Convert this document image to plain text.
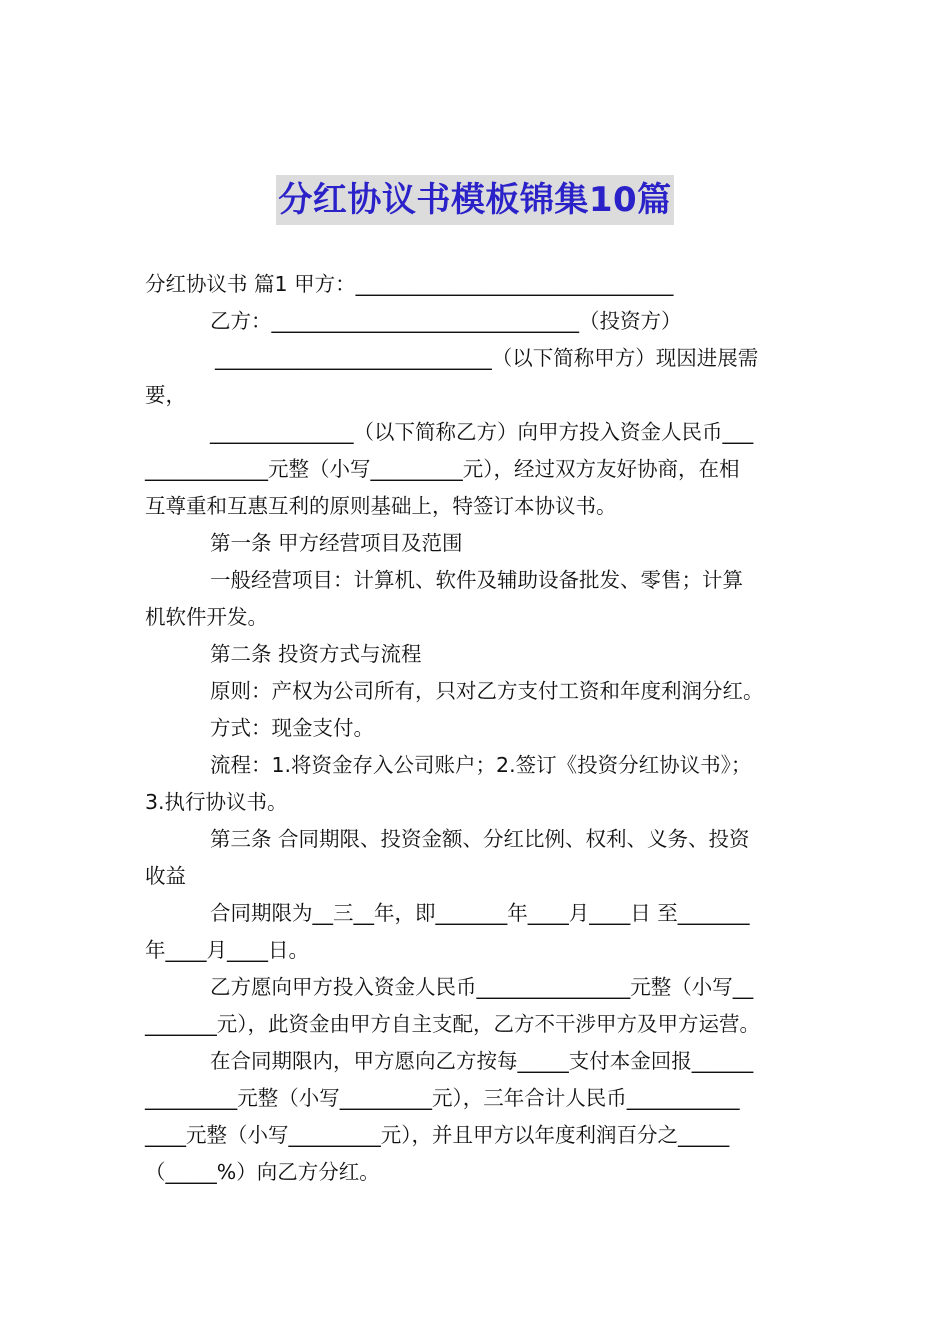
分红协议书模板锦集10篇
分红协议书 篇1 甲方：_______________________________
乙方：______________________________（投资方）
___________________________（以下简称甲方）现因进展需
要，
______________（以下简称乙方）向甲方投入资金人民币___
____________元整（小写_________元），经过双方友好协商，在相
互尊重和互惠互利的原则基础上，特签订本协议书。
第一条 甲方经营项目及范围
一般经营项目：计算机、软件及辅助设备批发、零售；计算
机软件开发。
第二条 投资方式与流程
原则：产权为公司所有，只对乙方支付工资和年度利润分红。
方式：现金支付。
流程：1.将资金存入公司账户；2.签订《投资分红协议书》；
3.执行协议书。
第三条 合同期限、投资金额、分红比例、权利、义务、投资
收益
合同期限为__三__年，即_______年____月____日 至_______
年____月____日。
乙方愿向甲方投入资金人民币_______________元整（小写__
_______元），此资金由甲方自主支配，乙方不干涉甲方及甲方运营。
在合同期限内，甲方愿向乙方按每_____支付本金回报______
_________元整（小写_________元），三年合计人民币___________
____元整（小写_________元），并且甲方以年度利润百分之_____
（_____%）向乙方分红。
